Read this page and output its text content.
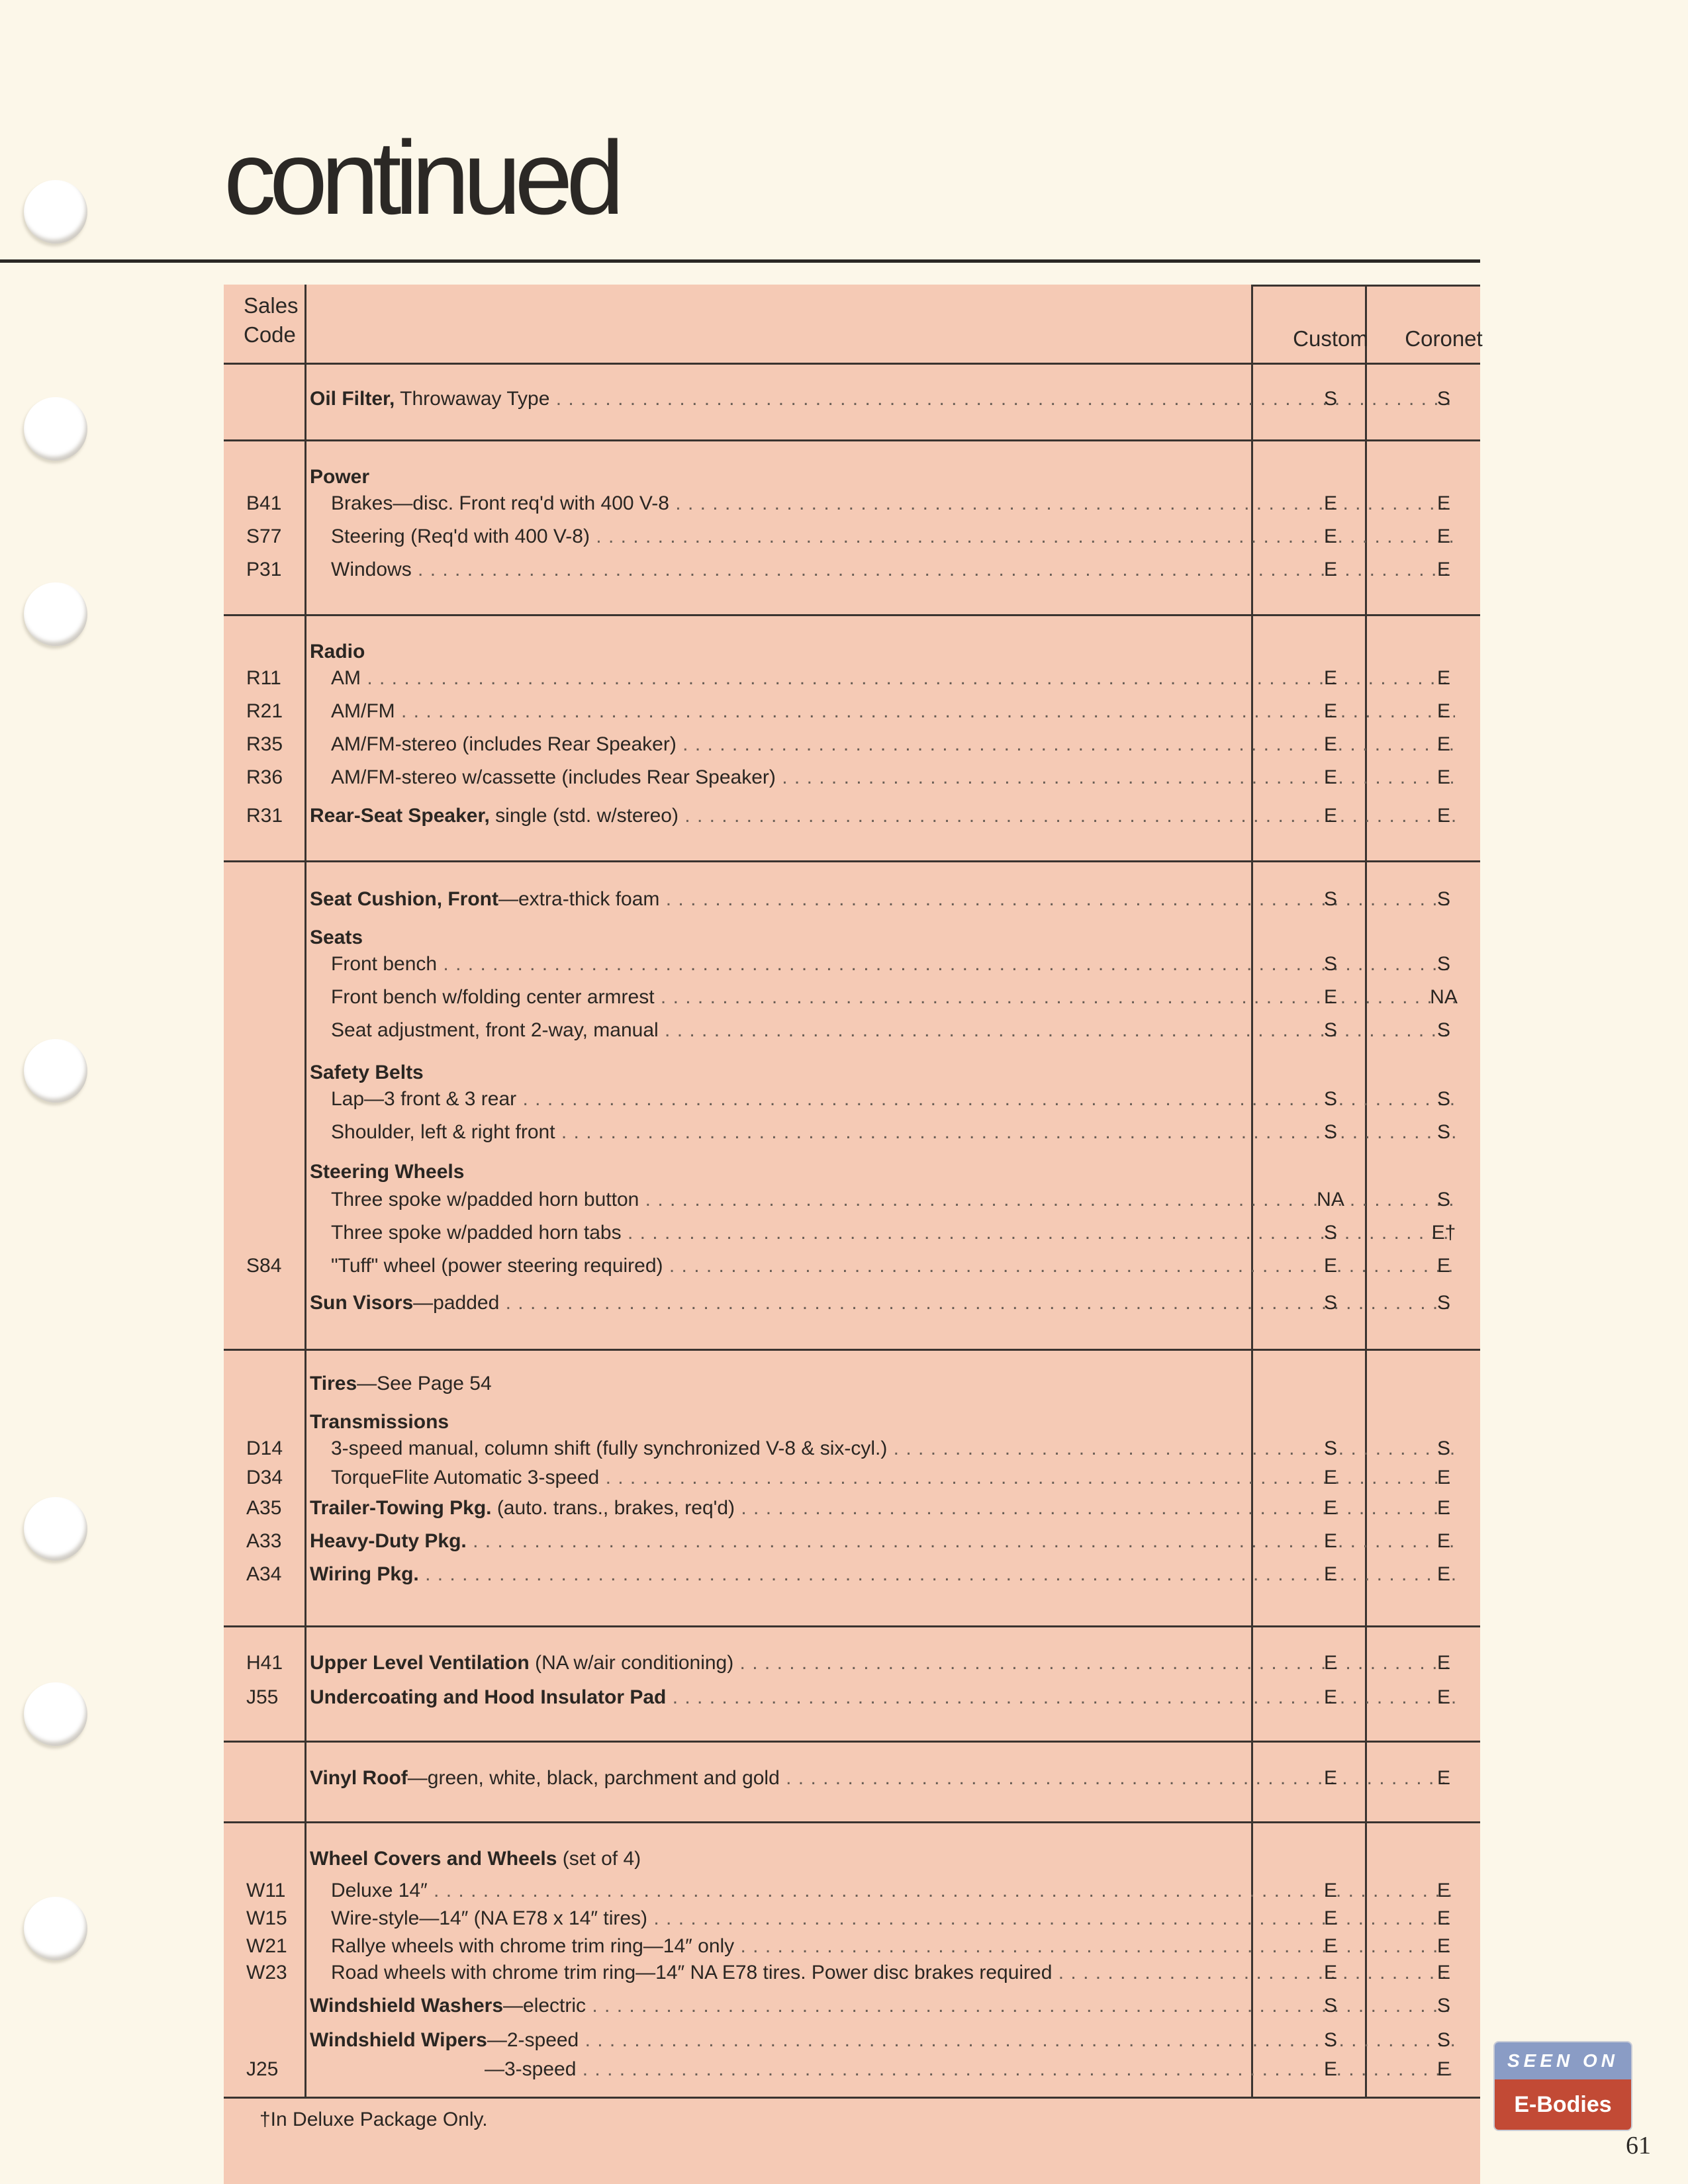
continued
Sales
Code	Custom	Coronet
Oil Filter, Throwaway Type . . .	S	S
Power
B41 Brakes—disc. Front req'd with 400 V-8 . . .	E	E
S77 Steering (Req'd with 400 V-8) . . .	E	E
P31 Windows . . .	E	E
Radio
R11	AM . . .	E	E
R21 AM/FM . . .	E	E
R35 AM/FM-stereo (includes Rear Speaker) . . .	E	E
R36 AM/FM-stereo w/cassette (includes Rear Speaker) . . .	E	E
R31 Rear-Seat Speaker, single (std. w/stereo) . . .	E	E
Seat Cushion, Front—extra-thick foam . . .	S	S
Seats
Front bench . . .	S	S
Front bench w/folding center armrest . . .	E	NA
Seat adjustment, front 2-way, manual . . .	S	S
Safety Belts
Lap—3 front & 3 rear . . .	S	S
Shoulder, left & right front . . .	S	S
Steering Wheels
Three spoke w/padded horn button . . .	NA	S
Three spoke w/padded horn tabs . . .	S	E†
S84 "Tuff" wheel (power steering required) . . .	E	E
Sun Visors—padded . . .	S	S
Tires—See Page 54
Transmissions
D14 3-speed manual, column shift (fully synchronized V-8 & six-cyl.) . . .	S	S
D34 TorqueFlite Automatic 3-speed . . .	E	E
A35 Trailer-Towing Pkg. (auto. trans., brakes, req'd) . . .	E	E
A33 Heavy-Duty Pkg. . . .	E	E
A34 Wiring Pkg. . . .	E	E
H41 Upper Level Ventilation (NA w/air conditioning) . . .	E	E
J55 Undercoating and Hood Insulator Pad . . .	E	E
Vinyl Roof—green, white, black, parchment and gold . . .	E	E
Wheel Covers and Wheels (set of 4)
W11 Deluxe 14″ . . .	E	E
W15 Wire-style—14″ (NA E78 x 14″ tires) . . .	E	E
W21 Rallye wheels with chrome trim ring—14″ only . . .	E	E
W23 Road wheels with chrome trim ring—14″ NA E78 tires. Power disc brakes required . . .	E	E
Windshield Washers—electric . . .	S	S
Windshield Wipers—2-speed . . .	S	S
J25	—3-speed . . .	E	E
†In Deluxe Package Only.
SEEN ON
E-Bodies
61
